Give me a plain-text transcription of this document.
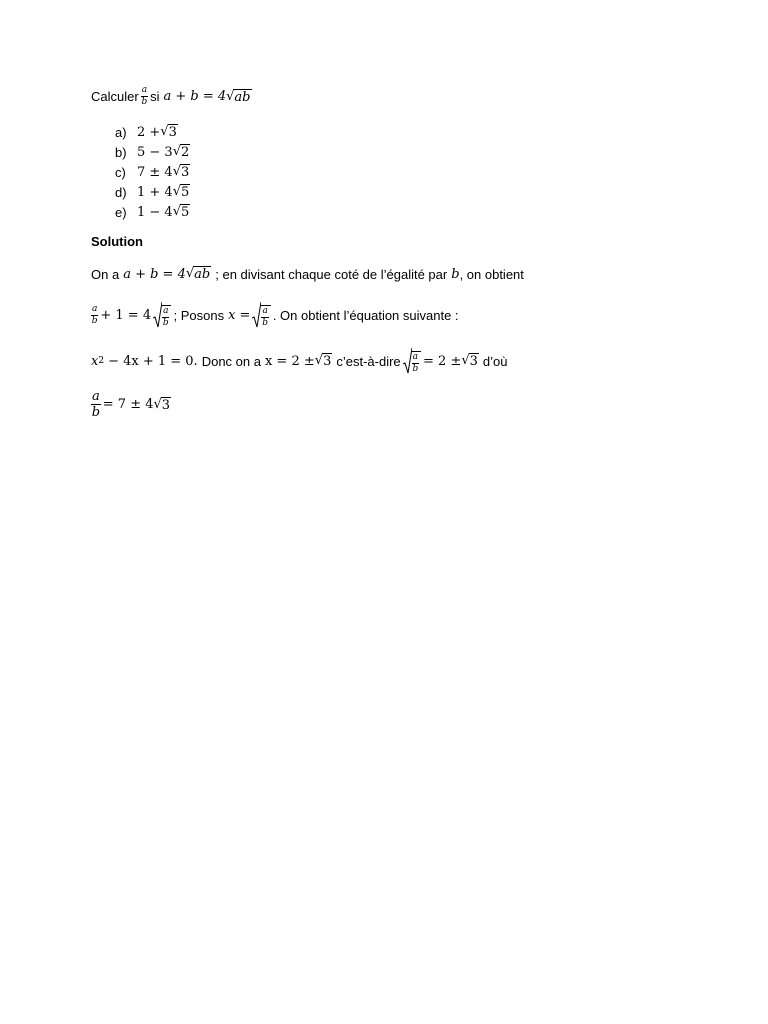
Calculer $\frac{a}{b}$ si a + b = 4 √ ab
a) 2 + √ 3
b) 5 − 3 √ 2
c) 7 ± 4 √ 3
d) 1 + 4 √ 5
e) 1 − 4 √ 5
Solution
On a a + b = 4 √ ab ; en divisant chaque coté de l’égalité par b , on obtient
$\frac{a}{b} + 1 = 4 \frac{a}{b}$ ; Posons $x = \frac{a}{b}$ . On obtient l’équation suivante :
x 2 − 4x + 1 = 0. Donc on a x = 2 ± √ 3 c’est-à-dire $\frac{a}{b} = 2$ ± √ 3 d’où
$\frac{a}{b} = 7 \pm 4$ √ 3
